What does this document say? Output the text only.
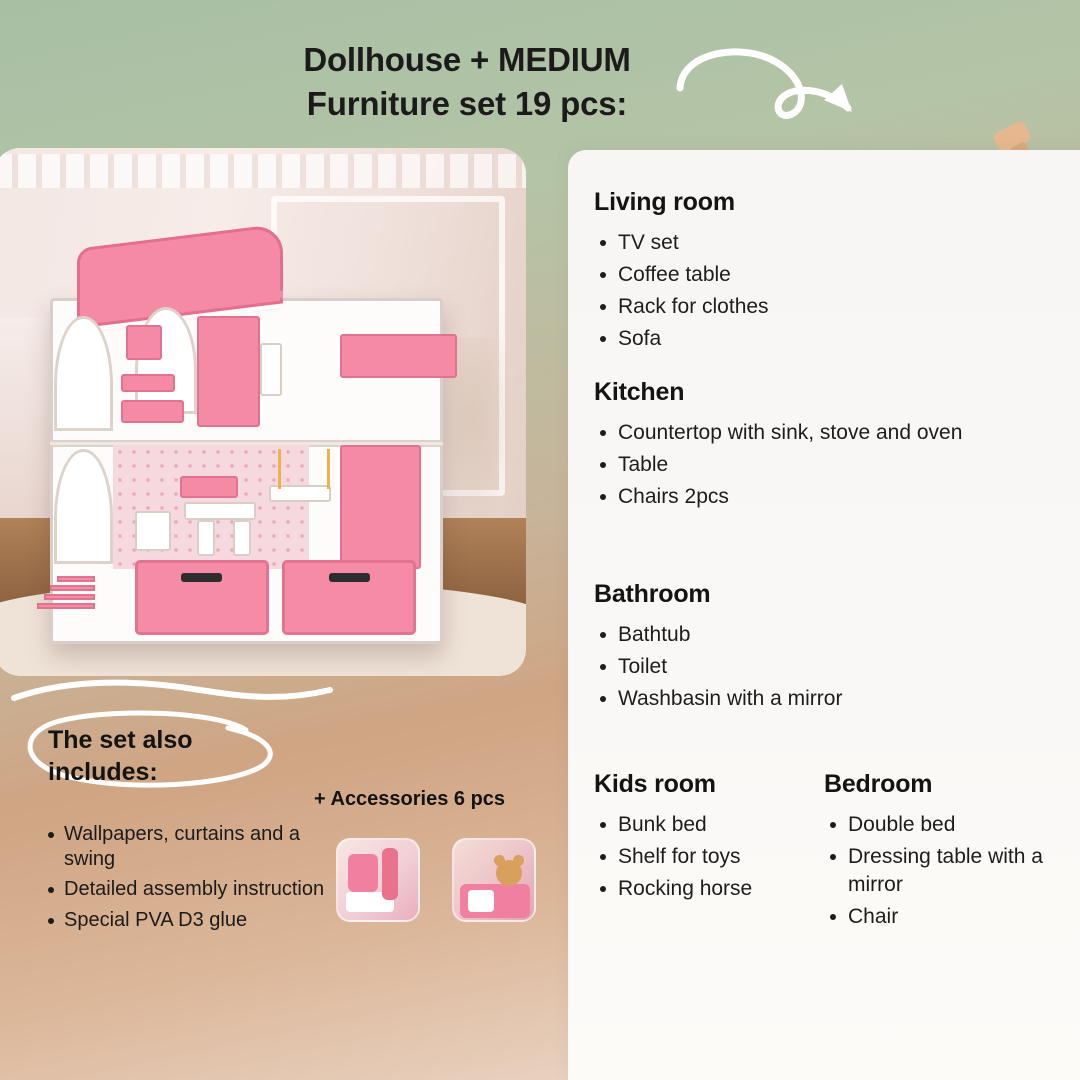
Dollhouse + MEDIUM Furniture set 19 pcs:
Living room
TV set
Coffee table
Rack for clothes
Sofa
Kitchen
Countertop with sink, stove and oven
Table
Chairs 2pcs
Bathroom
Bathtub
Toilet
Washbasin with a mirror
Kids room
Bunk bed
Shelf for toys
Rocking horse
Bedroom
Double bed
Dressing table with a mirror
Chair
The set also includes:
Wallpapers, curtains and a swing
Detailed assembly instruction
Special PVA D3 glue
+ Accessories 6 pcs
